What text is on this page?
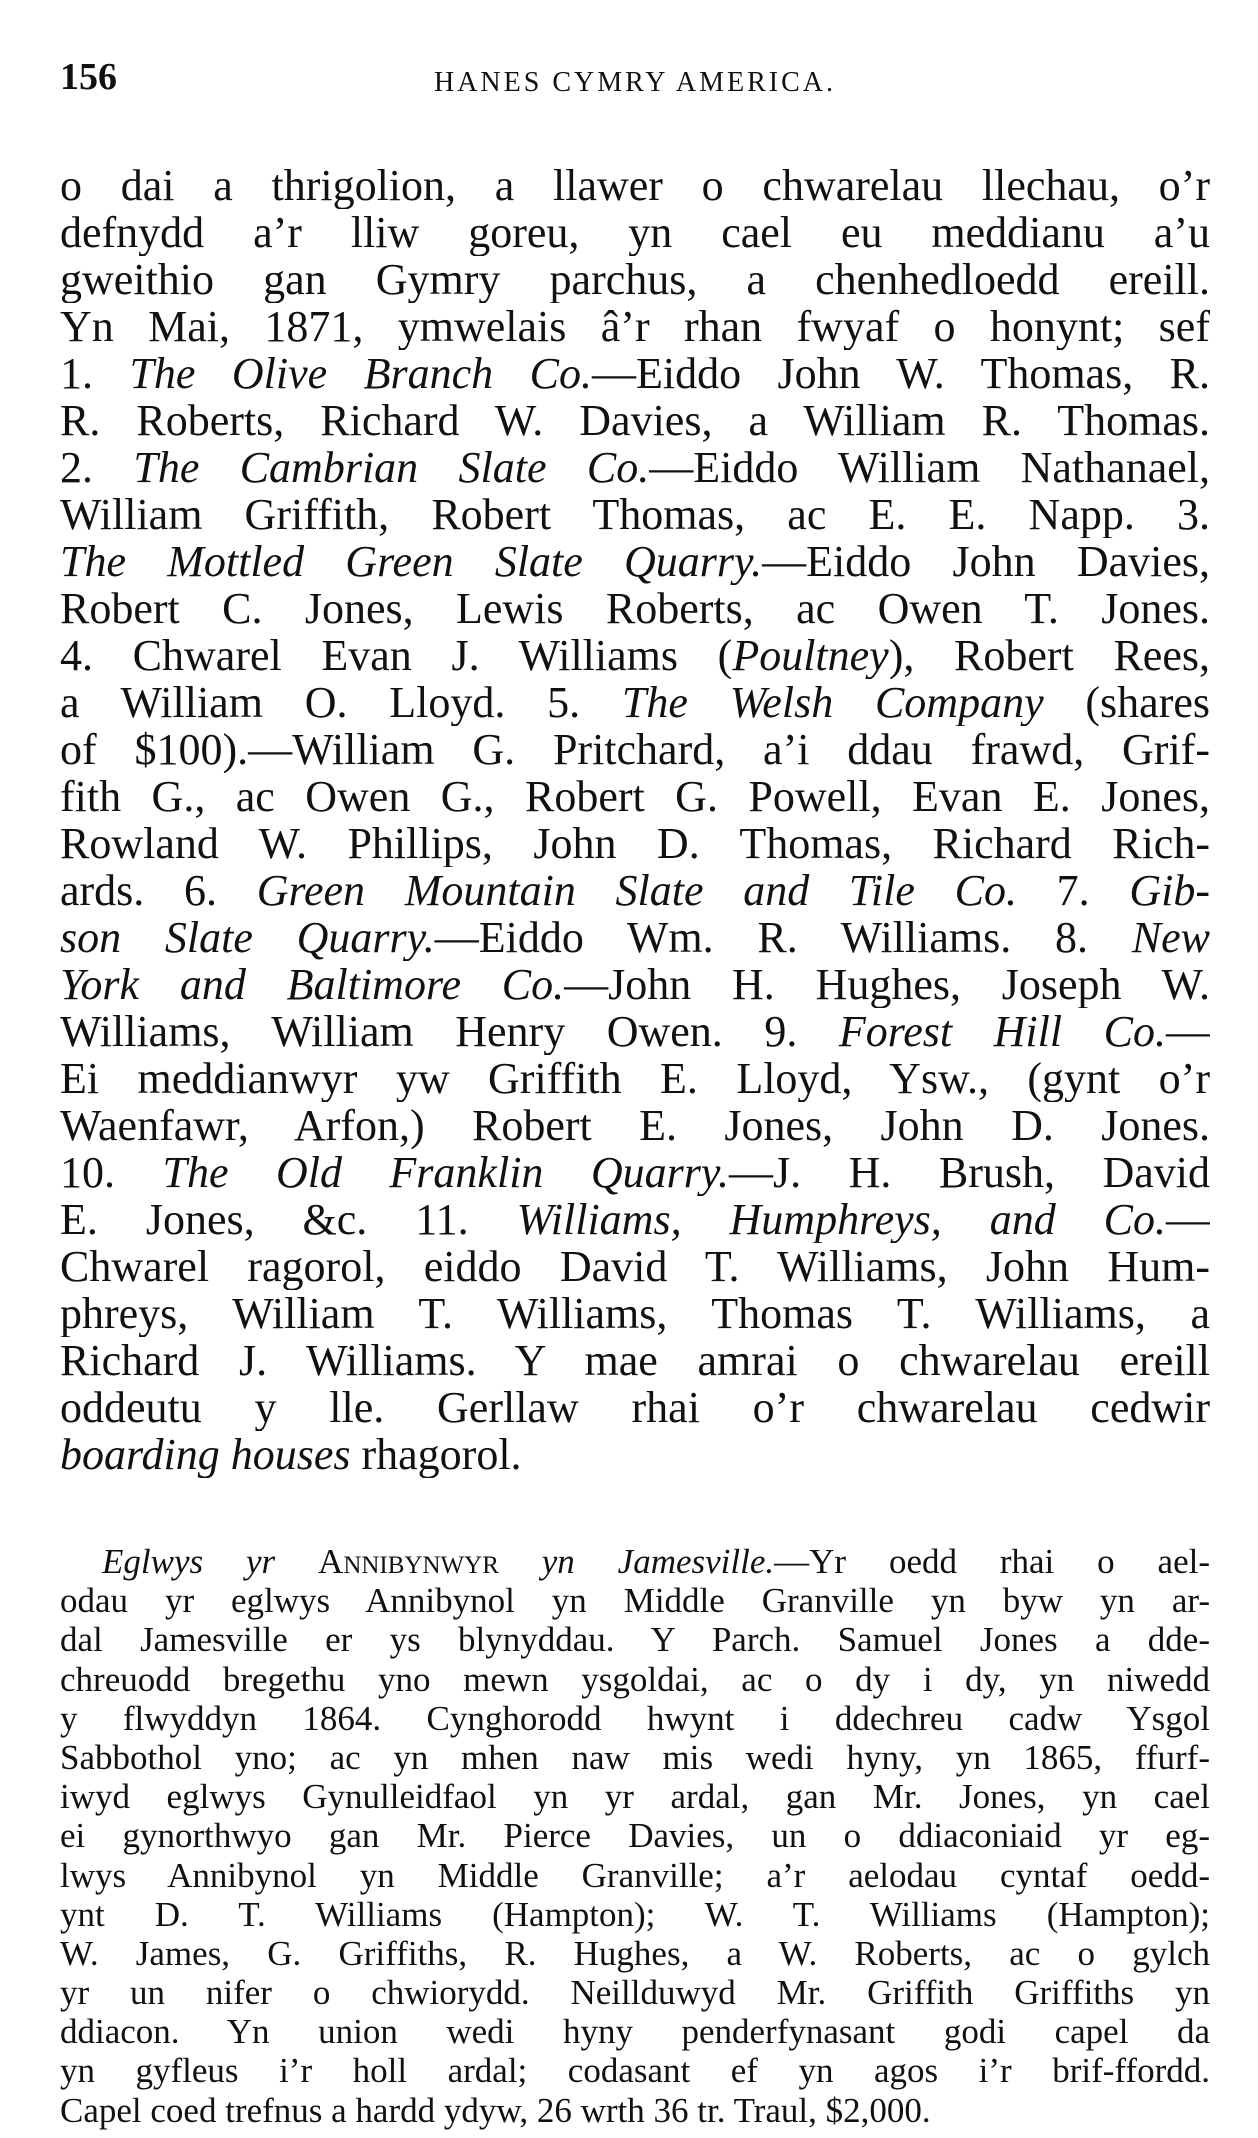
156	HANES CYMRY AMERICA.
o dai a thrigolion, a llawer o chwarelau llechau, o’r
defnydd a’r lliw goreu, yn cael eu meddianu a’u
gweithio gan Gymry parchus, a chenhedloedd ereill.
Yn Mai, 1871, ymwelais â’r rhan fwyaf o honynt; sef
1. The Olive Branch Co.—Eiddo John W. Thomas, R.
R. Roberts, Richard W. Davies, a William R. Thomas.
2. The Cambrian Slate Co.—Eiddo William Nathanael,
William Griffith, Robert Thomas, ac E. E. Napp. 3.
The Mottled Green Slate Quarry.—Eiddo John Davies,
Robert C. Jones, Lewis Roberts, ac Owen T. Jones.
4. Chwarel Evan J. Williams (Poultney), Robert Rees,
a William O. Lloyd. 5. The Welsh Company (shares
of $100).—William G. Pritchard, a’i ddau frawd, Grif-
fith G., ac Owen G., Robert G. Powell, Evan E. Jones,
Rowland W. Phillips, John D. Thomas, Richard Rich-
ards. 6. Green Mountain Slate and Tile Co. 7. Gib-
son Slate Quarry.—Eiddo Wm. R. Williams. 8. New
York and Baltimore Co.—John H. Hughes, Joseph W.
Williams, William Henry Owen. 9. Forest Hill Co.—
Ei meddianwyr yw Griffith E. Lloyd, Ysw., (gynt o’r
Waenfawr, Arfon,) Robert E. Jones, John D. Jones.
10. The Old Franklin Quarry.—J. H. Brush, David
E. Jones, &c. 11. Williams, Humphreys, and Co.—
Chwarel ragorol, eiddo David T. Williams, John Hum-
phreys, William T. Williams, Thomas T. Williams, a
Richard J. Williams. Y mae amrai o chwarelau ereill
oddeutu y lle. Gerllaw rhai o’r chwarelau cedwir
boarding houses rhagorol.
Eglwys yr Annibynwyr yn Jamesville.—Yr oedd rhai o ael-
odau yr eglwys Annibynol yn Middle Granville yn byw yn ar-
dal Jamesville er ys blynyddau. Y Parch. Samuel Jones a dde-
chreuodd bregethu yno mewn ysgoldai, ac o dy i dy, yn niwedd
y flwyddyn 1864. Cynghorodd hwynt i ddechreu cadw Ysgol
Sabbothol yno; ac yn mhen naw mis wedi hyny, yn 1865, ffurf-
iwyd eglwys Gynulleidfaol yn yr ardal, gan Mr. Jones, yn cael
ei gynorthwyo gan Mr. Pierce Davies, un o ddiaconiaid yr eg-
lwys Annibynol yn Middle Granville; a’r aelodau cyntaf oedd-
ynt D. T. Williams (Hampton); W. T. Williams (Hampton);
W. James, G. Griffiths, R. Hughes, a W. Roberts, ac o gylch
yr un nifer o chwiorydd. Neillduwyd Mr. Griffith Griffiths yn
ddiacon. Yn union wedi hyny penderfynasant godi capel da
yn gyfleus i’r holl ardal; codasant ef yn agos i’r brif-ffordd.
Capel coed trefnus a hardd ydyw, 26 wrth 36 tr. Traul, $2,000.
